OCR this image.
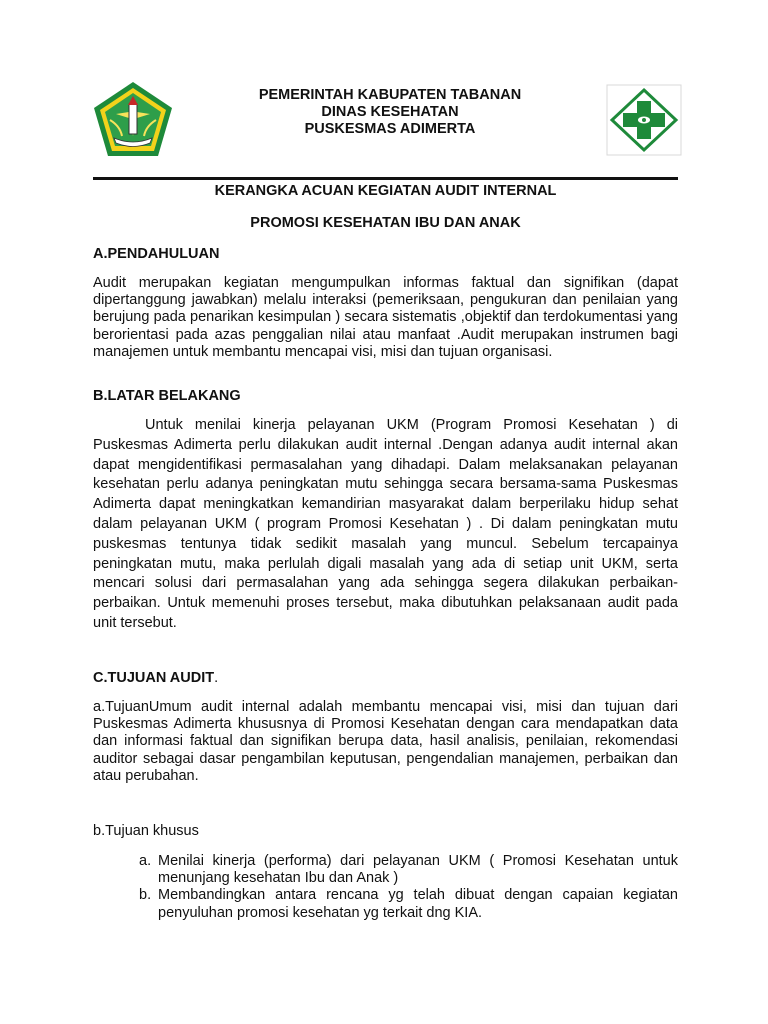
PEMERINTAH KABUPATEN TABANAN
DINAS KESEHATAN
PUSKESMAS ADIMERTA
KERANGKA ACUAN KEGIATAN AUDIT INTERNAL
PROMOSI KESEHATAN IBU DAN ANAK
A.PENDAHULUAN
Audit merupakan kegiatan mengumpulkan informas faktual dan signifikan (dapat dipertanggung jawabkan) melalu interaksi (pemeriksaan, pengukuran dan penilaian yang berujung pada penarikan kesimpulan ) secara sistematis ,objektif dan terdokumentasi yang berorientasi pada azas penggalian nilai atau manfaat .Audit merupakan instrumen bagi manajemen untuk membantu mencapai visi, misi dan tujuan organisasi.
B.LATAR BELAKANG
Untuk menilai kinerja pelayanan UKM (Program Promosi Kesehatan ) di Puskesmas Adimerta perlu dilakukan audit internal .Dengan adanya audit internal akan dapat mengidentifikasi permasalahan yang dihadapi. Dalam melaksanakan pelayanan kesehatan perlu adanya peningkatan mutu sehingga secara bersama-sama Puskesmas Adimerta dapat meningkatkan kemandirian masyarakat dalam berperilaku hidup sehat dalam pelayanan UKM ( program Promosi Kesehatan ) . Di dalam peningkatan mutu puskesmas tentunya tidak sedikit masalah yang muncul. Sebelum tercapainya peningkatan mutu, maka perlulah digali masalah yang ada di setiap unit UKM, serta mencari solusi dari permasalahan yang ada sehingga segera dilakukan perbaikan-perbaikan. Untuk memenuhi proses tersebut, maka dibutuhkan pelaksanaan audit pada unit tersebut.
C.TUJUAN AUDIT.
a.TujuanUmum audit internal adalah membantu mencapai visi, misi dan tujuan dari Puskesmas Adimerta khususnya di Promosi Kesehatan dengan cara mendapatkan data dan informasi faktual dan signifikan berupa data, hasil analisis, penilaian, rekomendasi auditor sebagai dasar pengambilan keputusan, pengendalian manajemen, perbaikan dan atau perubahan.
b.Tujuan khusus
a. Menilai kinerja (performa) dari pelayanan UKM ( Promosi Kesehatan untuk menunjang kesehatan Ibu dan Anak )
b. Membandingkan antara rencana yg telah dibuat dengan capaian kegiatan penyuluhan promosi kesehatan yg terkait dng KIA.
